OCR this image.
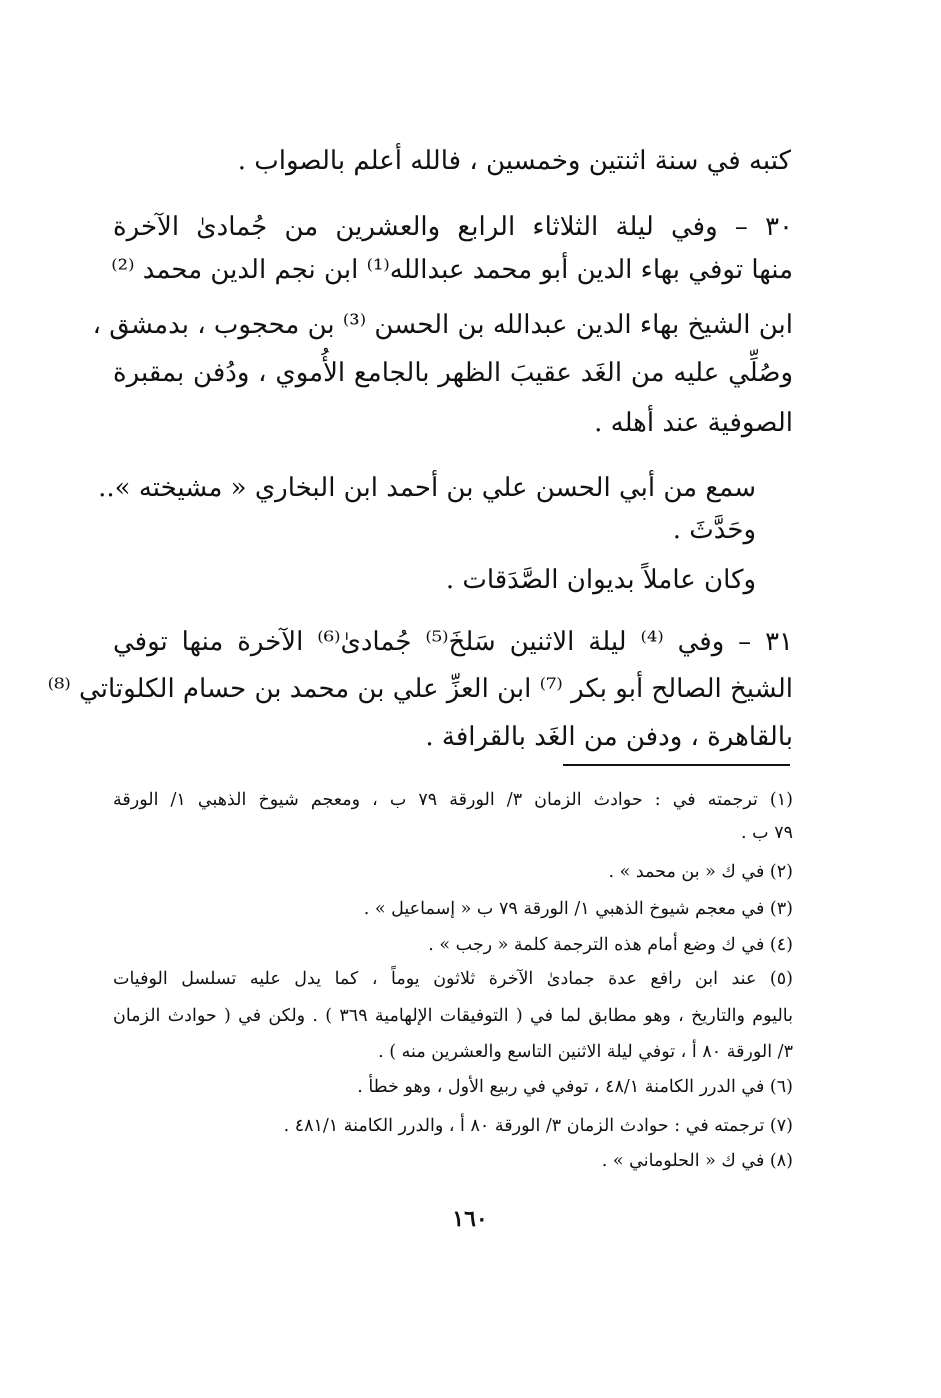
كتبه في سنة اثنتين وخمسين ، فالله أعلم بالصواب .
٣٠ – وفي ليلة الثلاثاء الرابع والعشرين من جُمادىٰ الآخرة
منها توفي بهاء الدين أبو محمد عبدالله⁽¹⁾ ابن نجم الدين محمد ⁽²⁾
ابن الشيخ بهاء الدين عبدالله بن الحسن ⁽³⁾ بن محجوب ، بدمشق ،
وصُلِّي عليه من الغَد عقيبَ الظهر بالجامع الأُموي ، ودُفن بمقبرة
الصوفية عند أهله .
سمع من أبي الحسن علي بن أحمد ابن البخاري « مشيخته »..
وحَدَّثَ .
وكان عاملاً بديوان الصَّدَقات .
٣١ – وفي ⁽⁴⁾ ليلة الاثنين سَلخَ⁽⁵⁾ جُمادىٰ⁽⁶⁾ الآخرة منها توفي
الشيخ الصالح أبو بكر ⁽⁷⁾ ابن العزِّ علي بن محمد بن حسام الكلوتاتي ⁽⁸⁾
بالقاهرة ، ودفن من الغَد بالقرافة .
(١) ترجمته في : حوادث الزمان ٣/ الورقة ٧٩ ب ، ومعجم شيوخ الذهبي ١/ الورقة
٧٩ ب .
(٢) في ك « بن محمد » .
(٣) في معجم شيوخ الذهبي ١/ الورقة ٧٩ ب « إسماعيل » .
(٤) في ك وضع أمام هذه الترجمة كلمة « رجب » .
(٥) عند ابن رافع عدة جمادىٰ الآخرة ثلاثون يوماً ، كما يدل عليه تسلسل الوفيات
باليوم والتاريخ ، وهو مطابق لما في ( التوفيقات الإلهامية ٣٦٩ ) . ولكن في ( حوادث الزمان
٣/ الورقة ٨٠ أ ، توفي ليلة الاثنين التاسع والعشرين منه ) .
(٦) في الدرر الكامنة ٤٨/١ ، توفي في ربيع الأول ، وهو خطأ .
(٧) ترجمته في : حوادث الزمان ٣/ الورقة ٨٠ أ ، والدرر الكامنة ٤٨١/١ .
(٨) في ك « الحلوماني » .
١٦٠
